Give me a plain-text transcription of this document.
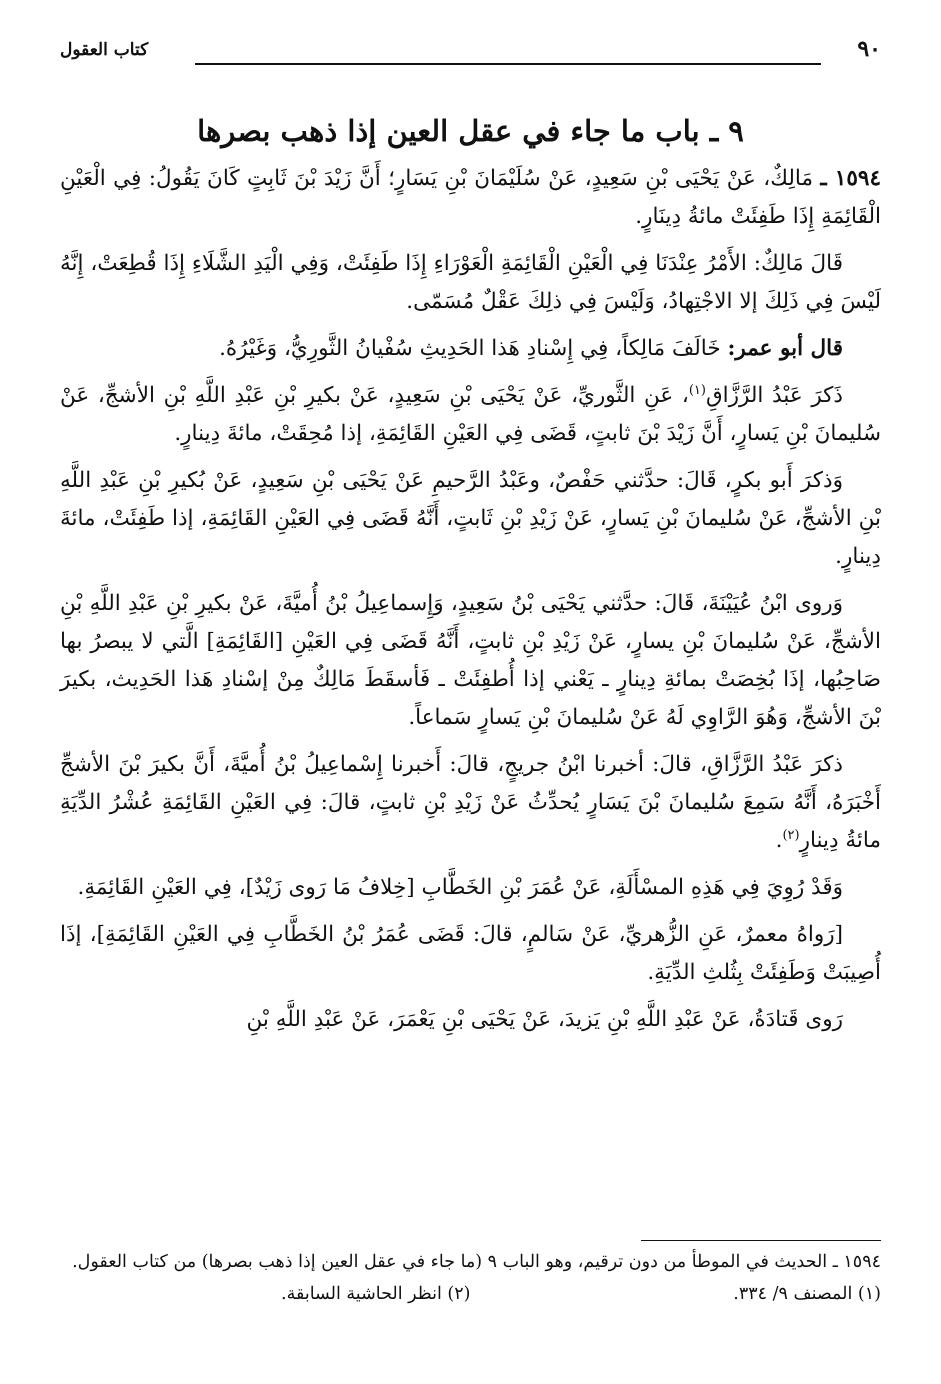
٩٠
كتاب العقول
٩ ـ باب ما جاء في عقل العين إذا ذهب بصرها

١٥٩٤ ـ مَالِكٌ، عَنْ يَحْيَى بْنِ سَعِيدٍ، عَنْ سُلَيْمَانَ بْنِ يَسَارٍ؛ أَنَّ زَيْدَ بْنَ ثَابِتٍ كَانَ يَقُولُ: فِي الْعَيْنِ الْقَائِمَةِ إِذَا طَفِئَتْ مائةُ دِينَارٍ.

قَالَ مَالِكٌ: الأَمْرُ عِنْدَنَا فِي الْعَيْنِ الْقَائِمَةِ الْعَوْرَاءِ إِذَا طَفِئَتْ، وَفِي الْيَدِ الشَّلَاءِ إِذَا قُطِعَتْ، إِنَّهُ لَيْسَ فِي ذَلِكَ إلا الاجْتِهادُ، وَلَيْسَ فِي ذلِكَ عَقْلٌ مُسَمّى.

قال أبو عمر: خَالَفَ مَالِكاً، فِي إِسْنادِ هَذا الحَدِيثِ سُفْيانُ الثَّورِيُّ، وَغَيْرُهُ.

ذَكرَ عَبْدُ الرَّزَّاقِ$^{(١)}$، عَنِ الثَّوريِّ، عَنْ يَحْيَى بْنِ سَعِيدٍ، عَنْ بكيرِ بْنِ عَبْدِ اللَّهِ بْنِ الأشجِّ، عَنْ سُليمانَ بْنِ يَسارٍ، أَنَّ زَيْدَ بْنَ ثابتٍ، قَضَى فِي العَيْنِ القَائِمَةِ، إذا مُحِقَتْ، مائةَ دِينارٍ.

وَذكرَ أَبو بكرٍ، قَالَ: حدَّثني حَفْصٌ، وعَبْدُ الرَّحيمِ عَنْ يَحْيَى بْنِ سَعِيدٍ، عَنْ بُكيرِ بْنِ عَبْدِ اللَّهِ بْنِ الأشجِّ، عَنْ سُليمانَ بْنِ يَسارٍ، عَنْ زَيْدِ بْنِ ثَابتٍ، أَنَّهُ قَضَى فِي العَيْنِ القَائِمَةِ، إذا طَفِئَتْ، مائةَ دِينارٍ.

وَروى ابْنُ عُيَيْنَةَ، قَالَ: حدَّثني يَحْيَى بْنُ سَعِيدٍ، وَإِسماعِيلُ بْنُ أُميَّةَ، عَنْ بكيرِ بْنِ عَبْدِ اللَّهِ بْنِ الأشجِّ، عَنْ سُليمانَ بْنِ يسارٍ، عَنْ زَيْدِ بْنِ ثابتٍ، أَنَّهُ قَضَى فِي العَيْنِ [القَائِمَةِ] الَّتي لا يبصرُ بها صَاحِبُها، إذَا بُخِصَتْ بمائةِ دِينارٍ ـ يَعْني إذا أُطفِئَتْ ـ فَأسقَطَ مَالِكٌ مِنْ إسْنادِ هَذا الحَدِيث، بكيرَ بْنَ الأشجِّ، وَهُوَ الرَّاوِي لَهُ عَنْ سُليمانَ بْنِ يَسارٍ سَماعاً.

ذكرَ عَبْدُ الرَّزَّاقِ، قالَ: أخبرنا ابْنُ جريجٍ، قالَ: أَخبرنا إِسْماعِيلُ بْنُ أُميَّةَ، أَنَّ بكيرَ بْنَ الأشجِّ أَخْبَرَهُ، أَنَّهُ سَمِعَ سُليمانَ بْنَ يَسَارٍ يُحدِّثُ عَنْ زَيْدِ بْنِ ثابتٍ، قالَ: فِي العَيْنِ القَائِمَةِ عُشْرُ الدِّيَةِ مائةُ دِينارٍ$^{(٢)}$.

وَقَدْ رُوِيَ فِي هَذِهِ المسْأَلَةِ، عَنْ عُمَرَ بْنِ الخَطَّابِ [خِلافُ مَا رَوى زَيْدٌ]، فِي العَيْنِ القَائِمَةِ.

[رَواهُ معمرٌ، عَنِ الزُّهريِّ، عَنْ سَالمٍ، قالَ: قَضَى عُمَرُ بْنُ الخَطَّابِ فِي العَيْنِ القَائِمَةِ]، إذَا أُصِيبَتْ وَطَفِئَتْ بِثُلثِ الدِّيَةِ.

رَوى قَتادَةُ، عَنْ عَبْدِ اللَّهِ بْنِ يَزيدَ، عَنْ يَحْيَى بْنِ يَعْمَرَ، عَنْ عَبْدِ اللَّهِ بْنِ

١٥٩٤ ـ الحديث في الموطأ من دون ترقيم، وهو الباب ٩ (ما جاء في عقل العين إذا ذهب بصرها) من كتاب العقول.
(١) المصنف ٩/ ٣٣٤.
(٢) انظر الحاشية السابقة.
